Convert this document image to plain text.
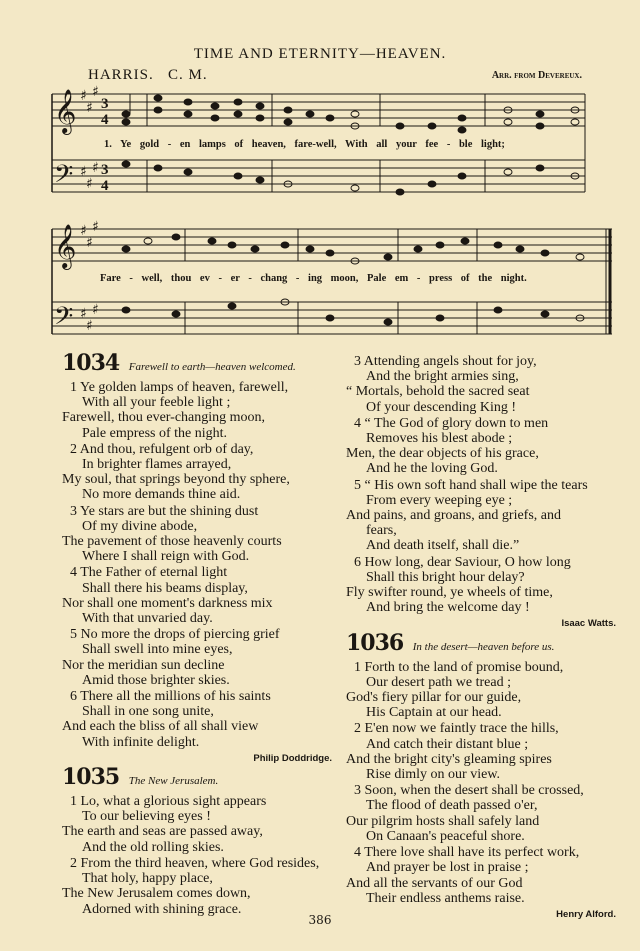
TIME AND ETERNITY—HEAVEN.
HARRIS. C. M.	Arr. from Devereux.
𝄞
𝄢
𝄞
𝄢
♯
♯
♯
♯
♯
♯
♯
♯
♯
♯
♯
♯
3
4
3
4
1. Ye gold - en lamps of heaven, fare-well, With all your fee - ble light;
Fare - well, thou ev - er - chang - ing moon, Pale em - press of the night.
1034 Farewell to earth—heaven welcomed.
1 Ye golden lamps of heaven, farewell,
With all your feeble light ;
Farewell, thou ever-changing moon,
Pale empress of the night.
2 And thou, refulgent orb of day,
In brighter flames arrayed,
My soul, that springs beyond thy sphere,
No more demands thine aid.
3 Ye stars are but the shining dust
Of my divine abode,
The pavement of those heavenly courts
Where I shall reign with God.
4 The Father of eternal light
Shall there his beams display,
Nor shall one moment's darkness mix
With that unvaried day.
5 No more the drops of piercing grief
Shall swell into mine eyes,
Nor the meridian sun decline
Amid those brighter skies.
6 There all the millions of his saints
Shall in one song unite,
And each the bliss of all shall view
With infinite delight.
Philip Doddridge.
1035 The New Jerusalem.
1 Lo, what a glorious sight appears
To our believing eyes !
The earth and seas are passed away,
And the old rolling skies.
2 From the third heaven, where God resides,
That holy, happy place,
The New Jerusalem comes down,
Adorned with shining grace.
3 Attending angels shout for joy,
And the bright armies sing,
“ Mortals, behold the sacred seat
Of your descending King !
4 “ The God of glory down to men
Removes his blest abode ;
Men, the dear objects of his grace,
And he the loving God.
5 “ His own soft hand shall wipe the tears
From every weeping eye ;
And pains, and groans, and griefs, and
fears,
And death itself, shall die.”
6 How long, dear Saviour, O how long
Shall this bright hour delay?
Fly swifter round, ye wheels of time,
And bring the welcome day !
Isaac Watts.
1036 In the desert—heaven before us.
1 Forth to the land of promise bound,
Our desert path we tread ;
God's fiery pillar for our guide,
His Captain at our head.
2 E'en now we faintly trace the hills,
And catch their distant blue ;
And the bright city's gleaming spires
Rise dimly on our view.
3 Soon, when the desert shall be crossed,
The flood of death passed o'er,
Our pilgrim hosts shall safely land
On Canaan's peaceful shore.
4 There love shall have its perfect work,
And prayer be lost in praise ;
And all the servants of our God
Their endless anthems raise.
Henry Alford.
386
